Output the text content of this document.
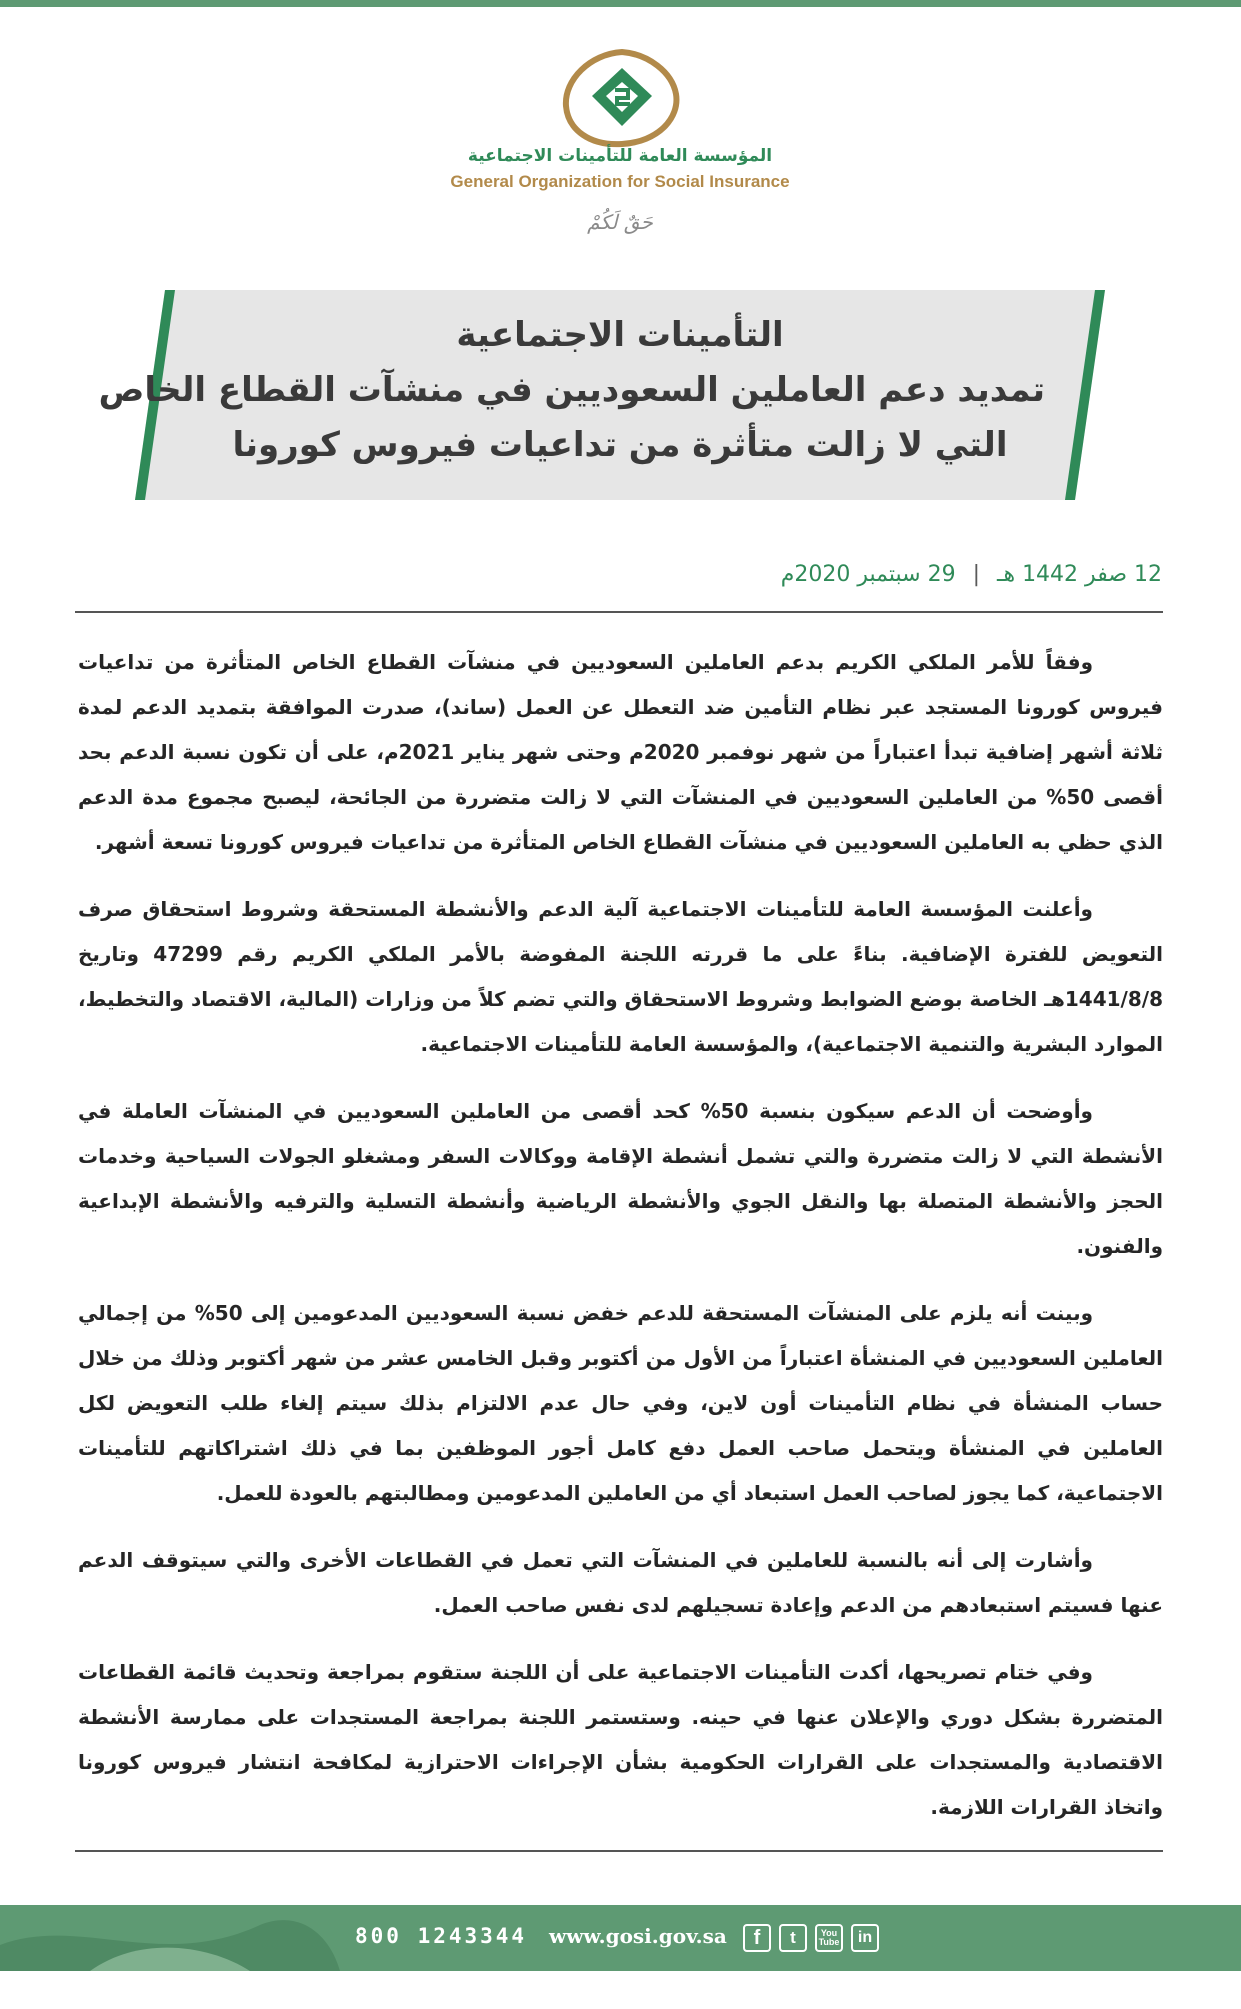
المؤسسة العامة للتأمينات الاجتماعية
General Organization for Social Insurance
حَقٌ لَكُمْ
التأمينات الاجتماعية
تمديد دعم العاملين السعوديين في منشآت القطاع الخاص
التي لا زالت متأثرة من تداعيات فيروس كورونا
12 صفر 1442 هـ | 29 سبتمبر 2020م

وفقاً للأمر الملكي الكريم بدعم العاملين السعوديين في منشآت القطاع الخاص المتأثرة من تداعيات فيروس كورونا المستجد عبر نظام التأمين ضد التعطل عن العمل (ساند)، صدرت الموافقة بتمديد الدعم لمدة ثلاثة أشهر إضافية تبدأ اعتباراً من شهر نوفمبر 2020م وحتى شهر يناير 2021م، على أن تكون نسبة الدعم بحد أقصى 50% من العاملين السعوديين في المنشآت التي لا زالت متضررة من الجائحة، ليصبح مجموع مدة الدعم الذي حظي به العاملين السعوديين في منشآت القطاع الخاص المتأثرة من تداعيات فيروس كورونا تسعة أشهر.

وأعلنت المؤسسة العامة للتأمينات الاجتماعية آلية الدعم والأنشطة المستحقة وشروط استحقاق صرف التعويض للفترة الإضافية. بناءً على ما قررته اللجنة المفوضة بالأمر الملكي الكريم رقم 47299 وتاريخ 1441/8/8هـ الخاصة بوضع الضوابط وشروط الاستحقاق والتي تضم كلاً من وزارات (المالية، الاقتصاد والتخطيط، الموارد البشرية والتنمية الاجتماعية)، والمؤسسة العامة للتأمينات الاجتماعية.

وأوضحت أن الدعم سيكون بنسبة 50% كحد أقصى من العاملين السعوديين في المنشآت العاملة في الأنشطة التي لا زالت متضررة والتي تشمل أنشطة الإقامة ووكالات السفر ومشغلو الجولات السياحية وخدمات الحجز والأنشطة المتصلة بها والنقل الجوي والأنشطة الرياضية وأنشطة التسلية والترفيه والأنشطة الإبداعية والفنون.

وبينت أنه يلزم على المنشآت المستحقة للدعم خفض نسبة السعوديين المدعومين إلى 50% من إجمالي العاملين السعوديين في المنشأة اعتباراً من الأول من أكتوبر وقبل الخامس عشر من شهر أكتوبر وذلك من خلال حساب المنشأة في نظام التأمينات أون لاين، وفي حال عدم الالتزام بذلك سيتم إلغاء طلب التعويض لكل العاملين في المنشأة ويتحمل صاحب العمل دفع كامل أجور الموظفين بما في ذلك اشتراكاتهم للتأمينات الاجتماعية، كما يجوز لصاحب العمل استبعاد أي من العاملين المدعومين ومطالبتهم بالعودة للعمل.

وأشارت إلى أنه بالنسبة للعاملين في المنشآت التي تعمل في القطاعات الأخرى والتي سيتوقف الدعم عنها فسيتم استبعادهم من الدعم وإعادة تسجيلهم لدى نفس صاحب العمل.

وفي ختام تصريحها، أكدت التأمينات الاجتماعية على أن اللجنة ستقوم بمراجعة وتحديث قائمة القطاعات المتضررة بشكل دوري والإعلان عنها في حينه. وستستمر اللجنة بمراجعة المستجدات على ممارسة الأنشطة الاقتصادية والمستجدات على القرارات الحكومية بشأن الإجراءات الاحترازية لمكافحة انتشار فيروس كورونا واتخاذ القرارات اللازمة.

800 1243344 www.gosi.gov.sa	f	t	You Tube	in
